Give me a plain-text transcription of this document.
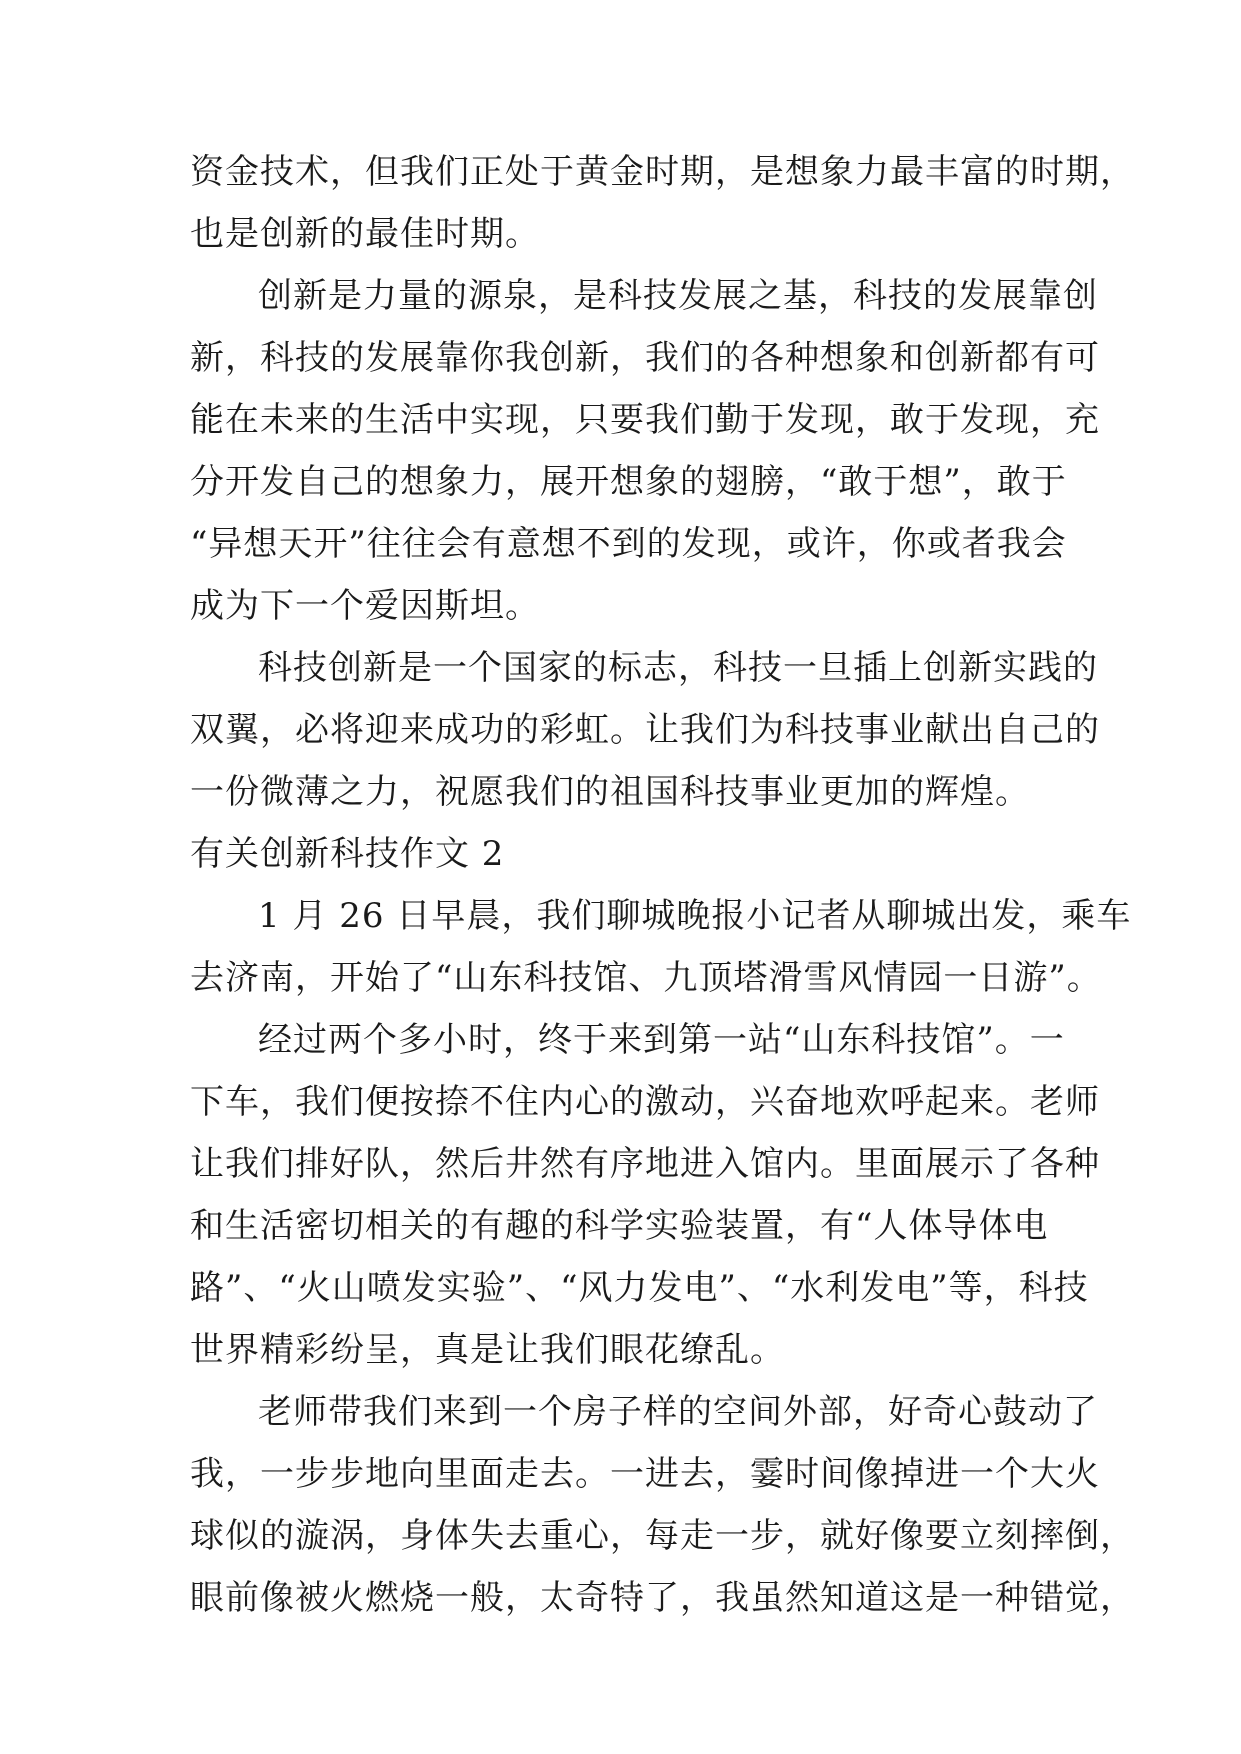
资金技术，但我们正处于黄金时期，是想象力最丰富的时期，
也是创新的最佳时期。
创新是力量的源泉，是科技发展之基，科技的发展靠创
新，科技的发展靠你我创新，我们的各种想象和创新都有可
能在未来的生活中实现，只要我们勤于发现，敢于发现，充
分开发自己的想象力，展开想象的翅膀，“敢于想”，敢于
“异想天开”往往会有意想不到的发现，或许，你或者我会
成为下一个爱因斯坦。
科技创新是一个国家的标志，科技一旦插上创新实践的
双翼，必将迎来成功的彩虹。让我们为科技事业献出自己的
一份微薄之力，祝愿我们的祖国科技事业更加的辉煌。
有关创新科技作文 2
1 月 26 日早晨，我们聊城晚报小记者从聊城出发，乘车
去济南，开始了“山东科技馆、九顶塔滑雪风情园一日游”。
经过两个多小时，终于来到第一站“山东科技馆”。一
下车，我们便按捺不住内心的激动，兴奋地欢呼起来。老师
让我们排好队，然后井然有序地进入馆内。里面展示了各种
和生活密切相关的有趣的科学实验装置，有“人体导体电
路”、“火山喷发实验”、“风力发电”、“水利发电”等，科技
世界精彩纷呈，真是让我们眼花缭乱。
老师带我们来到一个房子样的空间外部，好奇心鼓动了
我，一步步地向里面走去。一进去，霎时间像掉进一个大火
球似的漩涡，身体失去重心，每走一步，就好像要立刻摔倒，
眼前像被火燃烧一般，太奇特了，我虽然知道这是一种错觉，
